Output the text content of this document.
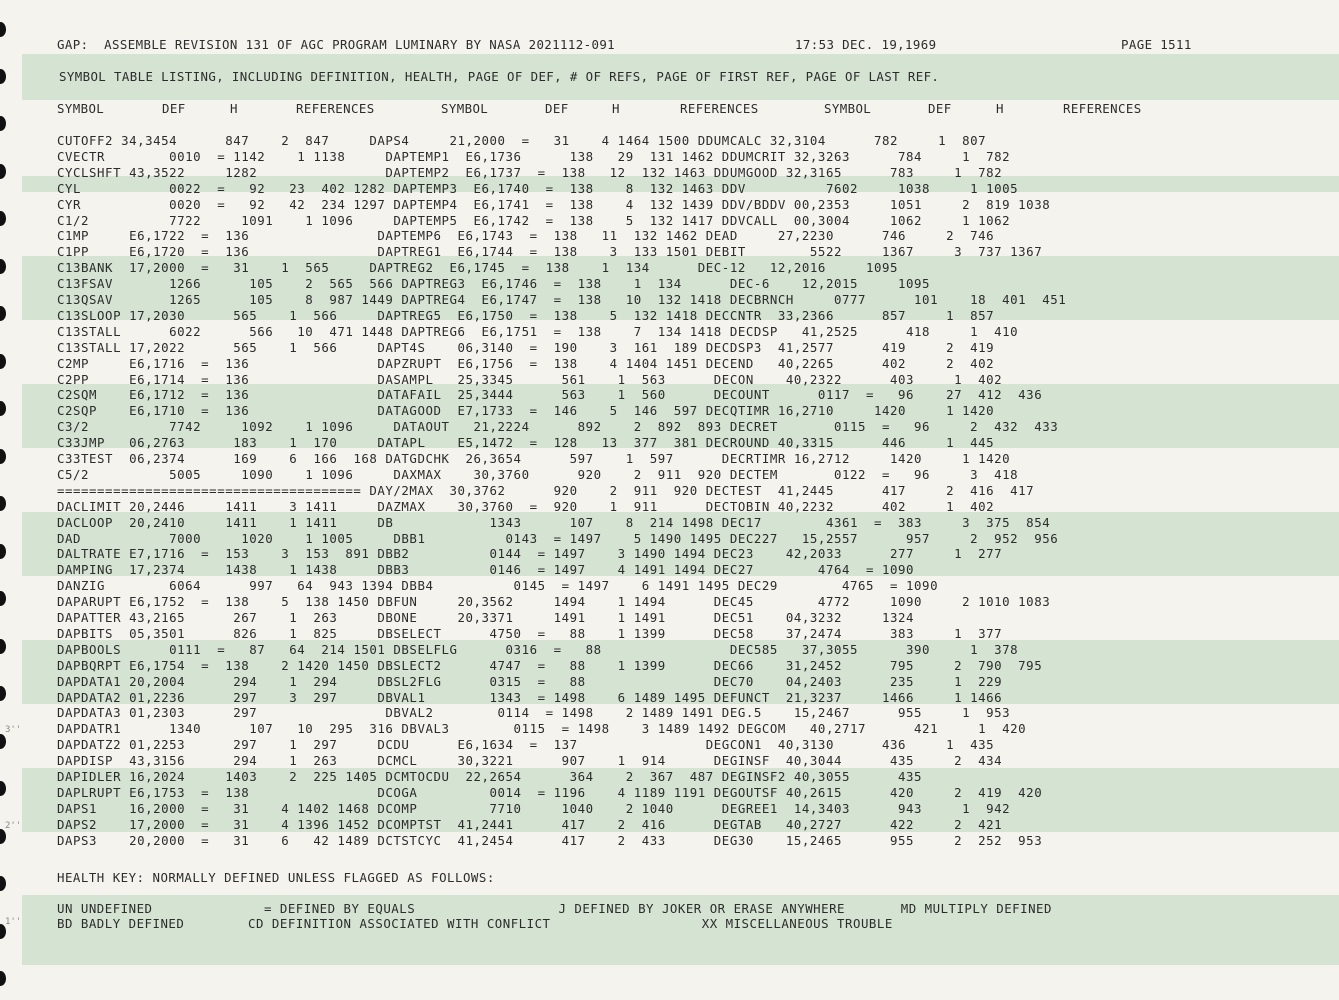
3''
2''
1''
GAP:  ASSEMBLE REVISION 131 OF AGC PROGRAM LUMINARY BY NASA 2021112-091	17:53 DEC. 19,1969	PAGE 1511
SYMBOL TABLE LISTING, INCLUDING DEFINITION, HEALTH, PAGE OF DEF, # OF REFS, PAGE OF FIRST REF, PAGE OF LAST REF.
SYMBOL	DEF	H	REFERENCES	SYMBOL	DEF	H	REFERENCES	SYMBOL	DEF	H	REFERENCES
CUTOFF2 34,3454      847    2  847     DAPS4     21,2000  =   31    4 1464 1500 DDUMCALC 32,3104      782     1  807
CVECTR        0010  = 1142    1 1138     DAPTEMP1  E6,1736      138   29  131 1462 DDUMCRIT 32,3263      784     1  782
CYCLSHFT 43,3522     1282                DAPTEMP2  E6,1737  =  138   12  132 1463 DDUMGOOD 32,3165      783     1  782
CYL           0022  =   92   23  402 1282 DAPTEMP3  E6,1740  =  138    8  132 1463 DDV          7602     1038     1 1005
CYR           0020  =   92   42  234 1297 DAPTEMP4  E6,1741  =  138    4  132 1439 DDV/BDDV 00,2353     1051     2  819 1038
C1/2          7722     1091    1 1096     DAPTEMP5  E6,1742  =  138    5  132 1417 DDVCALL  00,3004     1062     1 1062
C1MP     E6,1722  =  136                DAPTEMP6  E6,1743  =  138   11  132 1462 DEAD     27,2230      746     2  746
C1PP     E6,1720  =  136                DAPTREG1  E6,1744  =  138    3  133 1501 DEBIT        5522     1367     3  737 1367
C13BANK  17,2000  =   31    1  565     DAPTREG2  E6,1745  =  138    1  134      DEC-12   12,2016     1095
C13FSAV       1266      105    2  565  566 DAPTREG3  E6,1746  =  138    1  134      DEC-6    12,2015     1095
C13QSAV       1265      105    8  987 1449 DAPTREG4  E6,1747  =  138   10  132 1418 DECBRNCH     0777      101    18  401  451
C13SLOOP 17,2030      565    1  566     DAPTREG5  E6,1750  =  138    5  132 1418 DECCNTR  33,2366      857     1  857
C13STALL      6022      566   10  471 1448 DAPTREG6  E6,1751  =  138    7  134 1418 DECDSP   41,2525      418     1  410
C13STALL 17,2022      565    1  566     DAPT4S    06,3140  =  190    3  161  189 DECDSP3  41,2577      419     2  419
C2MP     E6,1716  =  136                DAPZRUPT  E6,1756  =  138    4 1404 1451 DECEND   40,2265      402     2  402
C2PP     E6,1714  =  136                DASAMPL   25,3345      561    1  563      DECON    40,2322      403     1  402
C2SQM    E6,1712  =  136                DATAFAIL  25,3444      563    1  560      DECOUNT      0117  =   96    27  412  436
C2SQP    E6,1710  =  136                DATAGOOD  E7,1733  =  146    5  146  597 DECQTIMR 16,2710     1420     1 1420
C3/2          7742     1092    1 1096     DATAOUT   21,2224      892    2  892  893 DECRET       0115  =   96     2  432  433
C33JMP   06,2763      183    1  170     DATAPL    E5,1472  =  128   13  377  381 DECROUND 40,3315      446     1  445
C33TEST  06,2374      169    6  166  168 DATGDCHK  26,3654      597    1  597      DECRTIMR 16,2712     1420     1 1420
C5/2          5005     1090    1 1096     DAXMAX    30,3760      920    2  911  920 DECTEM       0122  =   96     3  418
====================================== DAY/2MAX  30,3762      920    2  911  920 DECTEST  41,2445      417     2  416  417
DACLIMIT 20,2446     1411    3 1411     DAZMAX    30,3760  =  920    1  911      DECTOBIN 40,2232      402     1  402
DACLOOP  20,2410     1411    1 1411     DB            1343      107    8  214 1498 DEC17        4361  =  383     3  375  854
DAD           7000     1020    1 1005     DBB1          0143  = 1497    5 1490 1495 DEC227   15,2557      957     2  952  956
DALTRATE E7,1716  =  153    3  153  891 DBB2          0144  = 1497    3 1490 1494 DEC23    42,2033      277     1  277
DAMPING  17,2374     1438    1 1438     DBB3          0146  = 1497    4 1491 1494 DEC27        4764  = 1090
DANZIG        6064      997   64  943 1394 DBB4          0145  = 1497    6 1491 1495 DEC29        4765  = 1090
DAPARUPT E6,1752  =  138    5  138 1450 DBFUN     20,3562     1494    1 1494      DEC45        4772     1090     2 1010 1083
DAPATTER 43,2165      267    1  263     DBONE     20,3371     1491    1 1491      DEC51    04,3232     1324
DAPBITS  05,3501      826    1  825     DBSELECT      4750  =   88    1 1399      DEC58    37,2474      383     1  377
DAPBOOLS      0111  =   87   64  214 1501 DBSELFLG      0316  =   88                DEC585   37,3055      390     1  378
DAPBQRPT E6,1754  =  138    2 1420 1450 DBSLECT2      4747  =   88    1 1399      DEC66    31,2452      795     2  790  795
DAPDATA1 20,2004      294    1  294     DBSL2FLG      0315  =   88                DEC70    04,2403      235     1  229
DAPDATA2 01,2236      297    3  297     DBVAL1        1343  = 1498    6 1489 1495 DEFUNCT  21,3237     1466     1 1466
DAPDATA3 01,2303      297                DBVAL2        0114  = 1498    2 1489 1491 DEG.5    15,2467      955     1  953
DAPDATR1      1340      107   10  295  316 DBVAL3        0115  = 1498    3 1489 1492 DEGCOM   40,2717      421     1  420
DAPDATZ2 01,2253      297    1  297     DCDU      E6,1634  =  137                DEGCON1  40,3130      436     1  435
DAPDISP  43,3156      294    1  263     DCMCL     30,3221      907    1  914      DEGINSF  40,3044      435     2  434
DAPIDLER 16,2024     1403    2  225 1405 DCMTOCDU  22,2654      364    2  367  487 DEGINSF2 40,3055      435
DAPLRUPT E6,1753  =  138                DCOGA         0014  = 1196    4 1189 1191 DEGOUTSF 40,2615      420     2  419  420
DAPS1    16,2000  =   31    4 1402 1468 DCOMP         7710     1040    2 1040      DEGREE1  14,3403      943     1  942
DAPS2    17,2000  =   31    4 1396 1452 DCOMPTST  41,2441      417    2  416      DEGTAB   40,2727      422     2  421
DAPS3    20,2000  =   31    6   42 1489 DCTSTCYC  41,2454      417    2  433      DEG30    15,2465      955     2  252  953
HEALTH KEY: NORMALLY DEFINED UNLESS FLAGGED AS FOLLOWS:
UN UNDEFINED              = DEFINED BY EQUALS                  J DEFINED BY JOKER OR ERASE ANYWHERE       MD MULTIPLY DEFINED
BD BADLY DEFINED        CD DEFINITION ASSOCIATED WITH CONFLICT                   XX MISCELLANEOUS TROUBLE
